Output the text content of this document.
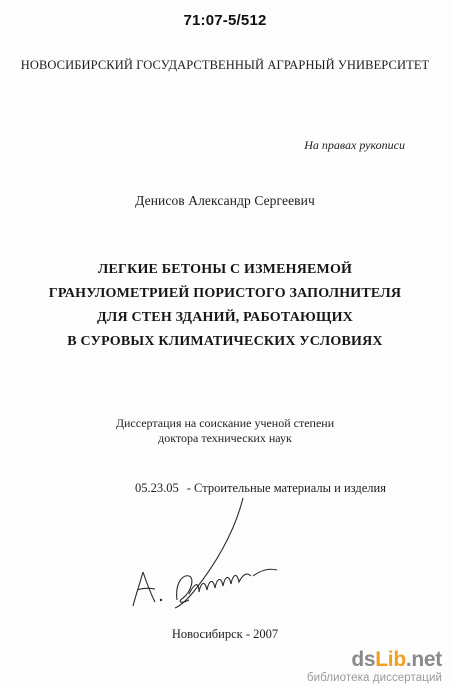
71:07-5/512
НОВОСИБИРСКИЙ ГОСУДАРСТВЕННЫЙ АГРАРНЫЙ УНИВЕРСИТЕТ
На правах рукописи
Денисов Александр Сергеевич
ЛЕГКИЕ БЕТОНЫ С ИЗМЕНЯЕМОЙ
ГРАНУЛОМЕТРИЕЙ ПОРИСТОГО ЗАПОЛНИТЕЛЯ
ДЛЯ СТЕН ЗДАНИЙ, РАБОТАЮЩИХ
В СУРОВЫХ КЛИМАТИЧЕСКИХ УСЛОВИЯХ
Диссертация на соискание ученой степени
доктора технических наук
05.23.05 - Строительные материалы и изделия
Новосибирск - 2007
dsLib.net
библиотека диссертаций
